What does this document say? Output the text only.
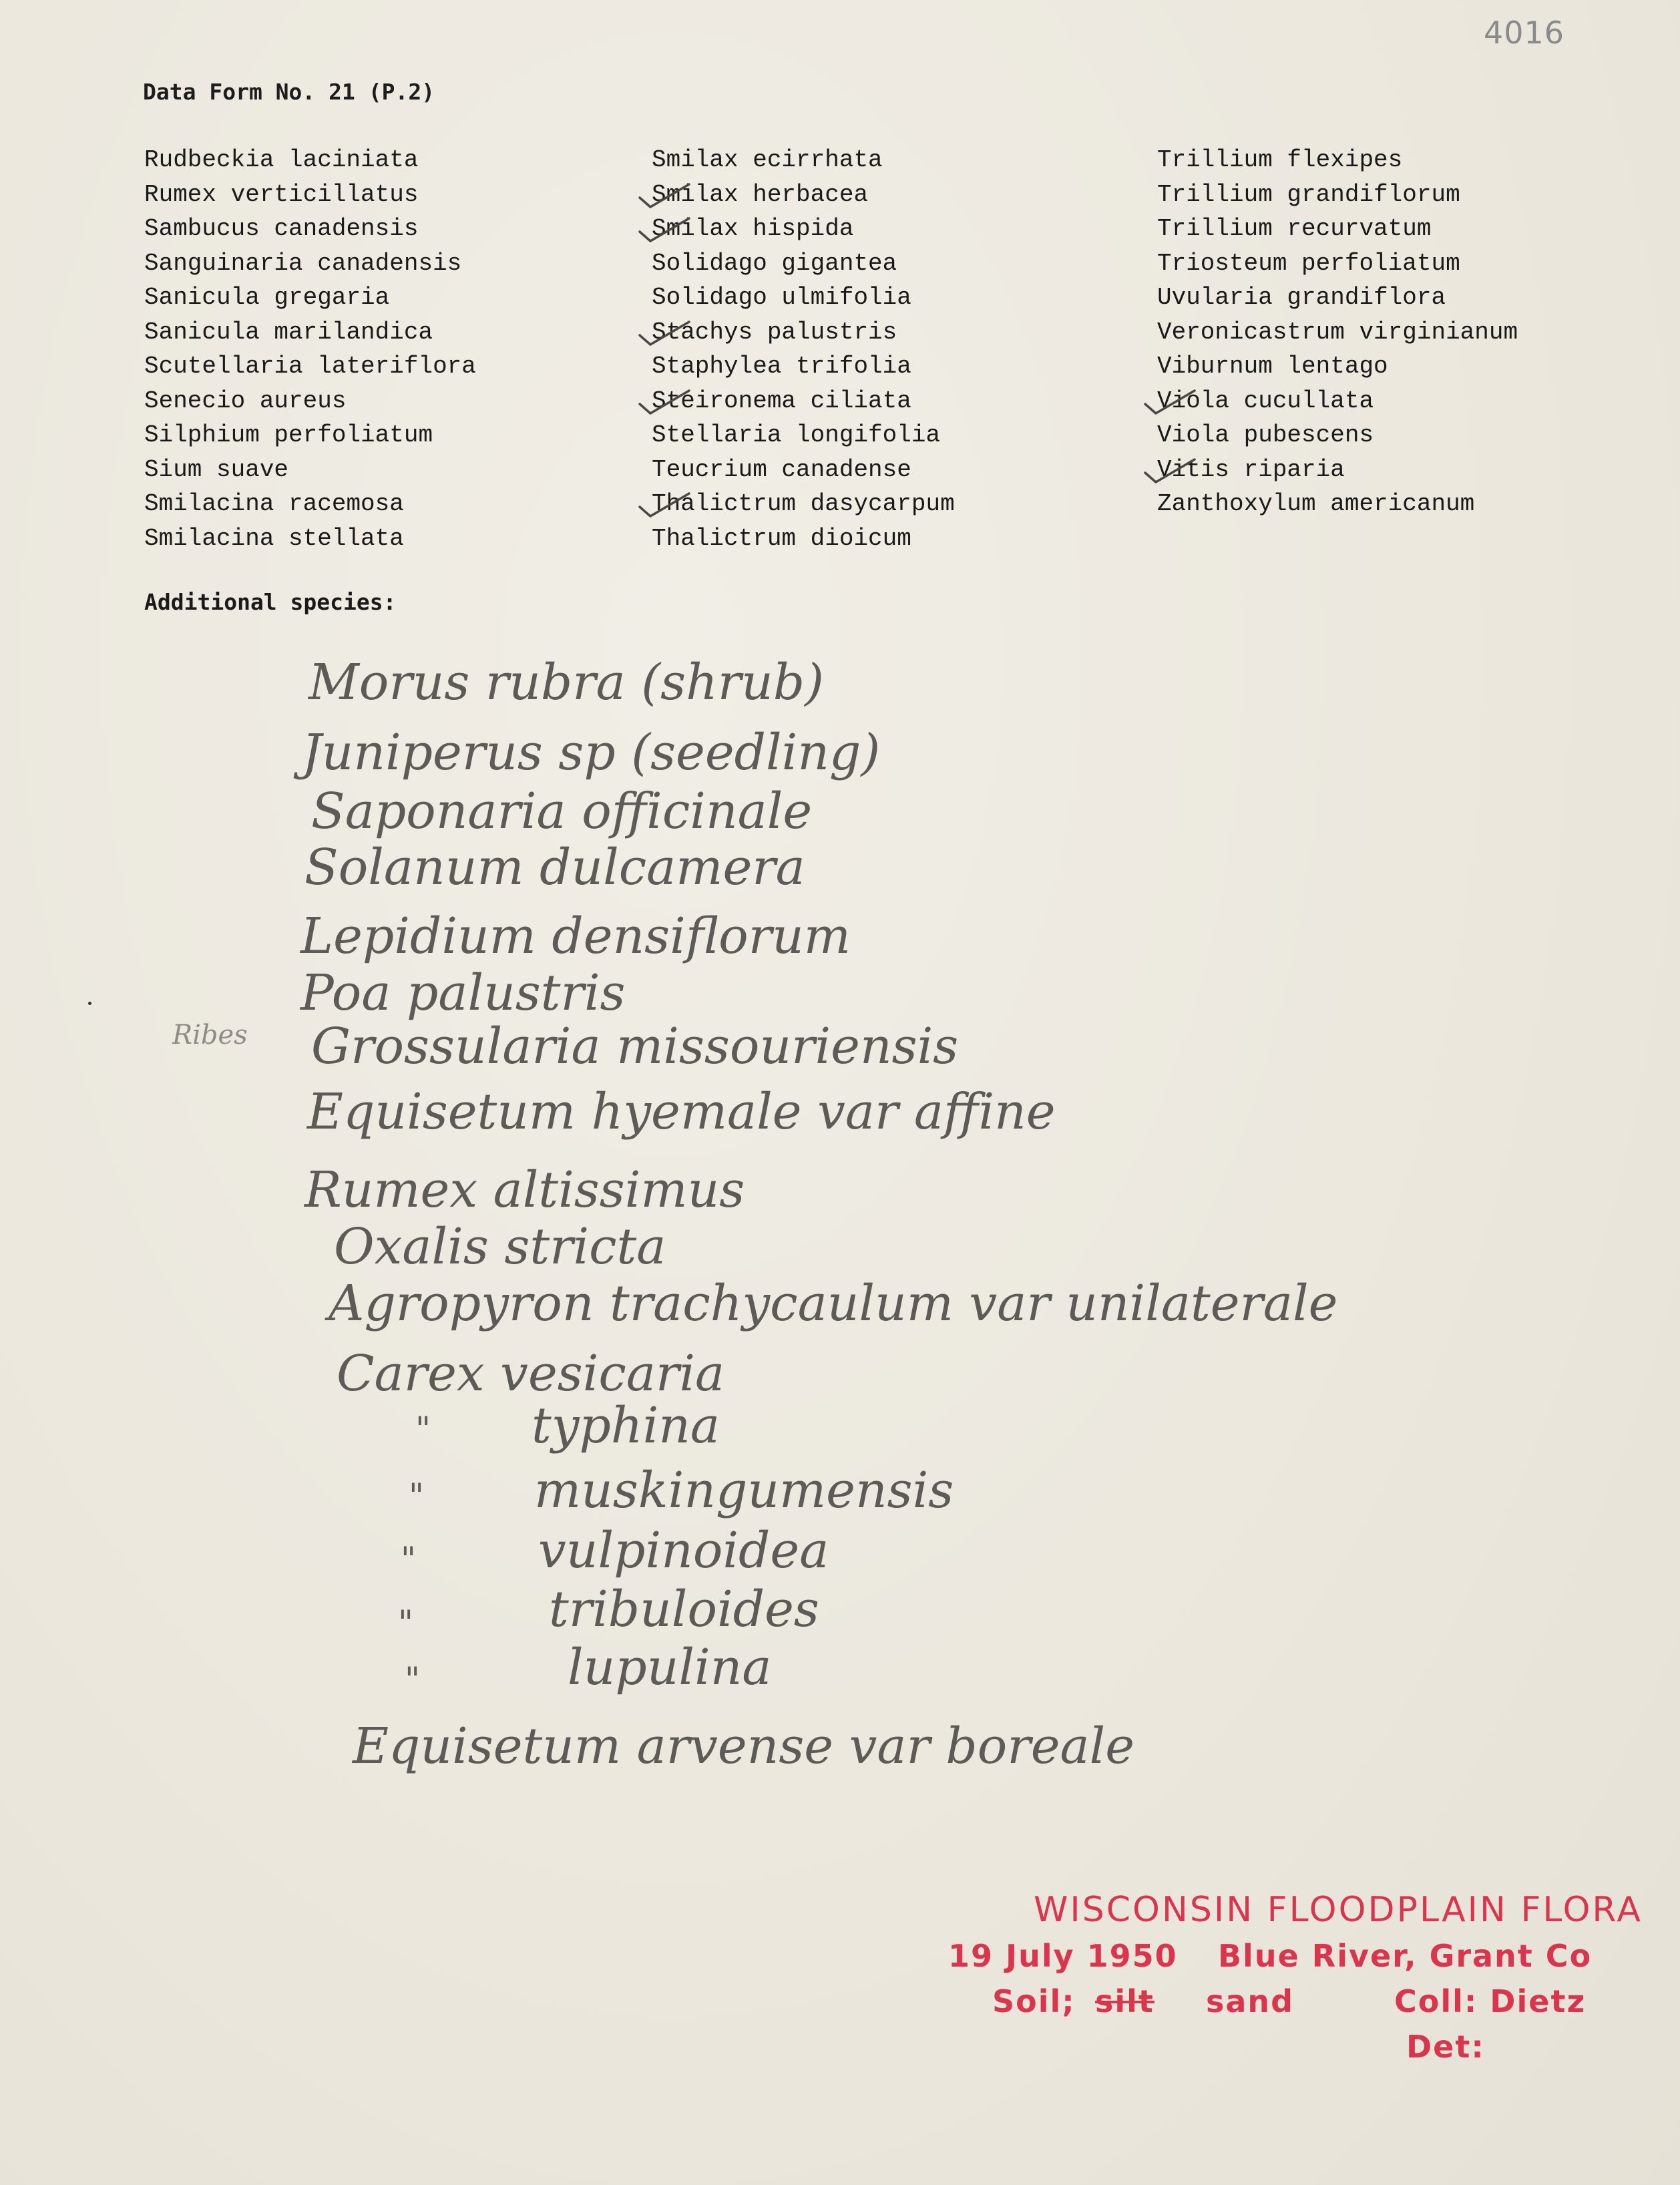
4016
Data Form No. 21 (P.2)
Rudbeckia laciniata
Rumex verticillatus
Sambucus canadensis
Sanguinaria canadensis
Sanicula gregaria
Sanicula marilandica
Scutellaria lateriflora
Senecio aureus
Silphium perfoliatum
Sium suave
Smilacina racemosa
Smilacina stellata
Smilax ecirrhata
Smilax herbacea
Smilax hispida
Solidago gigantea
Solidago ulmifolia
Stachys palustris
Staphylea trifolia
Steironema ciliata
Stellaria longifolia
Teucrium canadense
Thalictrum dasycarpum
Thalictrum dioicum
Trillium flexipes
Trillium grandiflorum
Trillium recurvatum
Triosteum perfoliatum
Uvularia grandiflora
Veronicastrum virginianum
Viburnum lentago
Viola cucullata
Viola pubescens
Vitis riparia
Zanthoxylum americanum
Additional species:
Ribes
Morus rubra (shrub)
Juniperus sp (seedling)
Saponaria officinale
Solanum dulcamera
Lepidium densiflorum
Poa palustris
Grossularia missouriensis
Equisetum hyemale var affine
Rumex altissimus
Oxalis stricta
Agropyron trachycaulum var unilaterale
Carex vesicaria
" typhina
" muskingumensis
" vulpinoidea
"	tribuloides
"	lupulina
Equisetum arvense var boreale
WISCONSIN FLOODPLAIN FLORA
19 July 1950 Blue River, Grant Co
Soil; silt sand	Coll: Dietz
Det:
